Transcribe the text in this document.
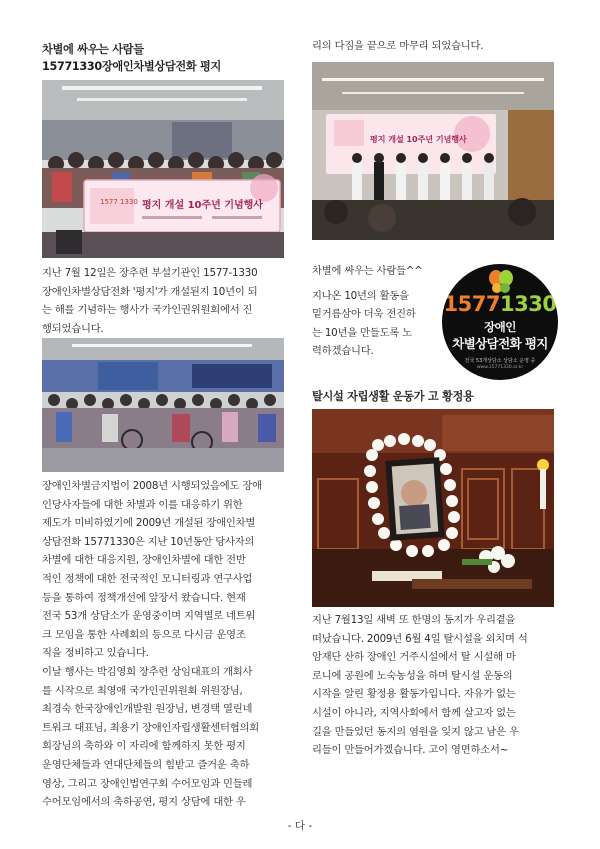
차별에 싸우는 사람들
15771330장애인차별상담전화 평지
1577 1330 평지 개설 10주년 기념행사
지난 7월 12일은 장추련 부설기관인 1577-1330
장애인차별상담전화 '평지'가 개설된지 10년이 되
는 해를 기념하는 행사가 국가인권위원회에서 진
행되었습니다.
장애인차별금지법이 2008년 시행되었음에도 장애
인당사자들에 대한 차별과 이를 대응하기 위한
제도가 미비하였기에 2009년 개설된 장애인차별
상담전화 15771330은 지난 10년동안 당사자의
차별에 대한 대응지원, 장애인차별에 대한 전반
적인 정책에 대한 전국적인 모니터링과 연구사업
등을 통하여 정책개선에 앞장서 왔습니다. 현재
전국 53개 상담소가 운영중이며 지역별로 네트워
크 모임을 통한 사례회의 등으로 다시금 운영조
직을 정비하고 있습니다.
이날 행사는 박김영희 장추련 상임대표의 개회사
를 시작으로 최영애 국가인권위원회 위원장님,
최경숙 한국장애인개발원 원장님, 변경택 열린네
트워크 대표님, 최용기 장애인자립생활센터협의회
회장님의 축하와 이 자리에 함께하지 못한 평지
운영단체들과 연대단체들의 힘받고 즐거운 축하
영상, 그리고 장애인법연구회 수어모임과 민들레
수어모임에서의 축하공연, 평지 상담에 대한 우
리의 다짐을 끝으로 마무리 되었습니다.
평지 개설 10주년 기념행사
차별에 싸우는 사람들^^
지나온 10년의 활동을
밑거름삼아 더욱 전진하
는 10년을 만들도록 노
력하겠습니다.
15771330
장애인
차별상담전화 평지
전국 53개상담소 상담소 운영 중
www.15771330.or.kr
탈시설 자립생활 운동가 고 황정용
지난 7월13일 새벽 또 한명의 동지가 우리곁을
떠났습니다. 2009년 6월 4일 탈시설을 외치며 석
암재단 산하 장애인 거주시설에서 탈 시설해 마
로니에 공원에 노숙농성을 하며 탈시설 운동의
시작을 알린 황정용 활동가입니다. 자유가 없는
시설이 아니라, 지역사회에서 함께 살고자 없는
길을 만들었던 동지의 염원을 잊지 않고 남은 우
리들이 만들어가겠습니다. 고이 영면하소서~
- 다 -
